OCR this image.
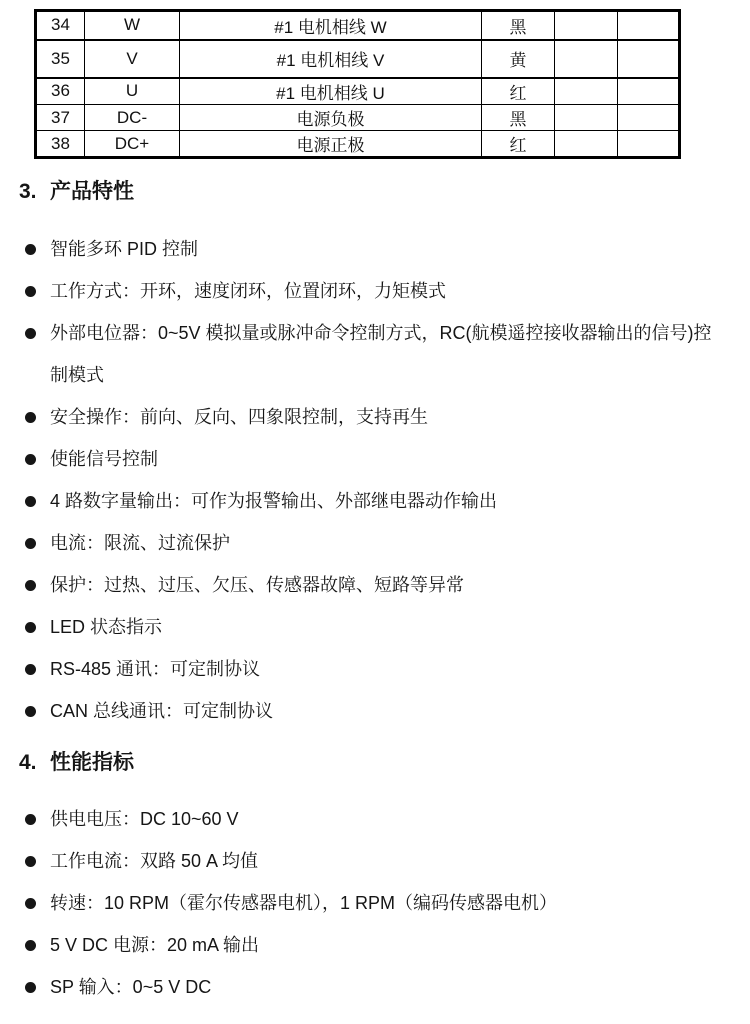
34	W	#1 电机相线 W	黑		
35	V	#1 电机相线 V	黄		
36	U	#1 电机相线 U	红		
37	DC-	电源负极	黑		
38	DC+	电源正极	红		
3. 产品特性
智能多环 PID 控制
工作方式：开环，速度闭环，位置闭环，力矩模式
外部电位器：0~5V 模拟量或脉冲命令控制方式，RC(航模遥控接收器输出的信号)控制模式
安全操作：前向、反向、四象限控制，支持再生
使能信号控制
4 路数字量输出：可作为报警输出、外部继电器动作输出
电流：限流、过流保护
保护：过热、过压、欠压、传感器故障、短路等异常
LED 状态指示
RS-485 通讯：可定制协议
CAN 总线通讯：可定制协议
4. 性能指标
供电电压：DC 10~60 V
工作电流：双路 50 A 均值
转速：10 RPM（霍尔传感器电机），1 RPM（编码传感器电机）
5 V DC 电源：20 mA 输出
SP 输入：0~5 V DC
